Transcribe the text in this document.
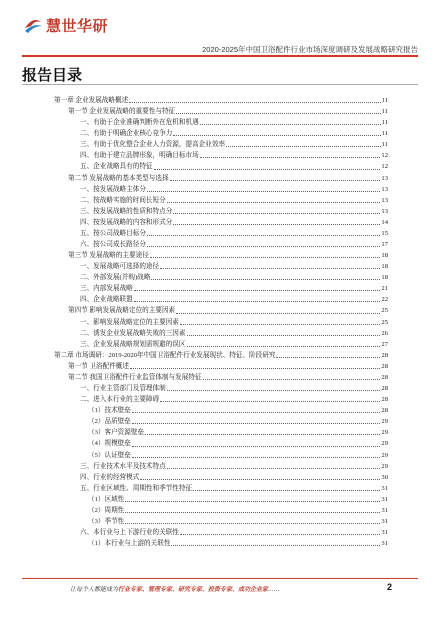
慧世华研
2020-2025年中国卫浴配件行业市场深度调研及发展战略研究报告
报告目录
第一章 企业发展战略概述	11
第一节 企业发展战略的重要性与特征	11
一、有助于企业准确判断外在危机和机遇	11
二、有助于明确企业核心竞争力	11
三、有助于优化整合企业人力资源，提高企业效率	11
四、有助于建立品牌形象，明确目标市场	12
五、企业战略具有的特征	12
第二节 发展战略的基本类型与选择	13
一、按发展战略主体分	13
二、按战略实施的时间长短分	13
三、按发展战略的性质和特点分	13
四、按发展战略的内容和形式分	14
五、按公司战略目标分	15
六、按公司成长路径分	17
第三节 发展战略的主要途径	18
一、发展战略可选择的途径	18
二、外部发展(并购)战略	18
三、内部发展战略	21
四、企业战略联盟	22
第四节 影响发展战略定位的主要因素	25
一、影响发展战略定位的主要因素	25
二、诱发企业发展战略失败的三因素	26
三、企业发展战略规划需规避的误区	27
第二章 市场调研：2019-2020年中国卫浴配件行业发展现状、特征、阶段研究	28
第一节 卫浴配件概述	28
第二节 我国卫浴配件行业监管体制与发展特征	28
一、行业主管部门及管理体制	28
二、进入本行业的主要障碍	28
（1）技术壁垒	28
（2）品质壁垒	29
（3）客户资源壁垒	29
（4）规模壁垒	29
（5）认证壁垒	29
三、行业技术水平及技术特点	29
四、行业的经营模式	30
五、行业区域性、周期性和季节性特征	31
（1）区域性	31
（2）周期性	31
（3）季节性	31
六、本行业与上下游行业的关联性	31
（1）本行业与上游的关联性	31
让每个人都能成为行业专家、管理专家、研究专家、投资专家、成功企业家……	2
